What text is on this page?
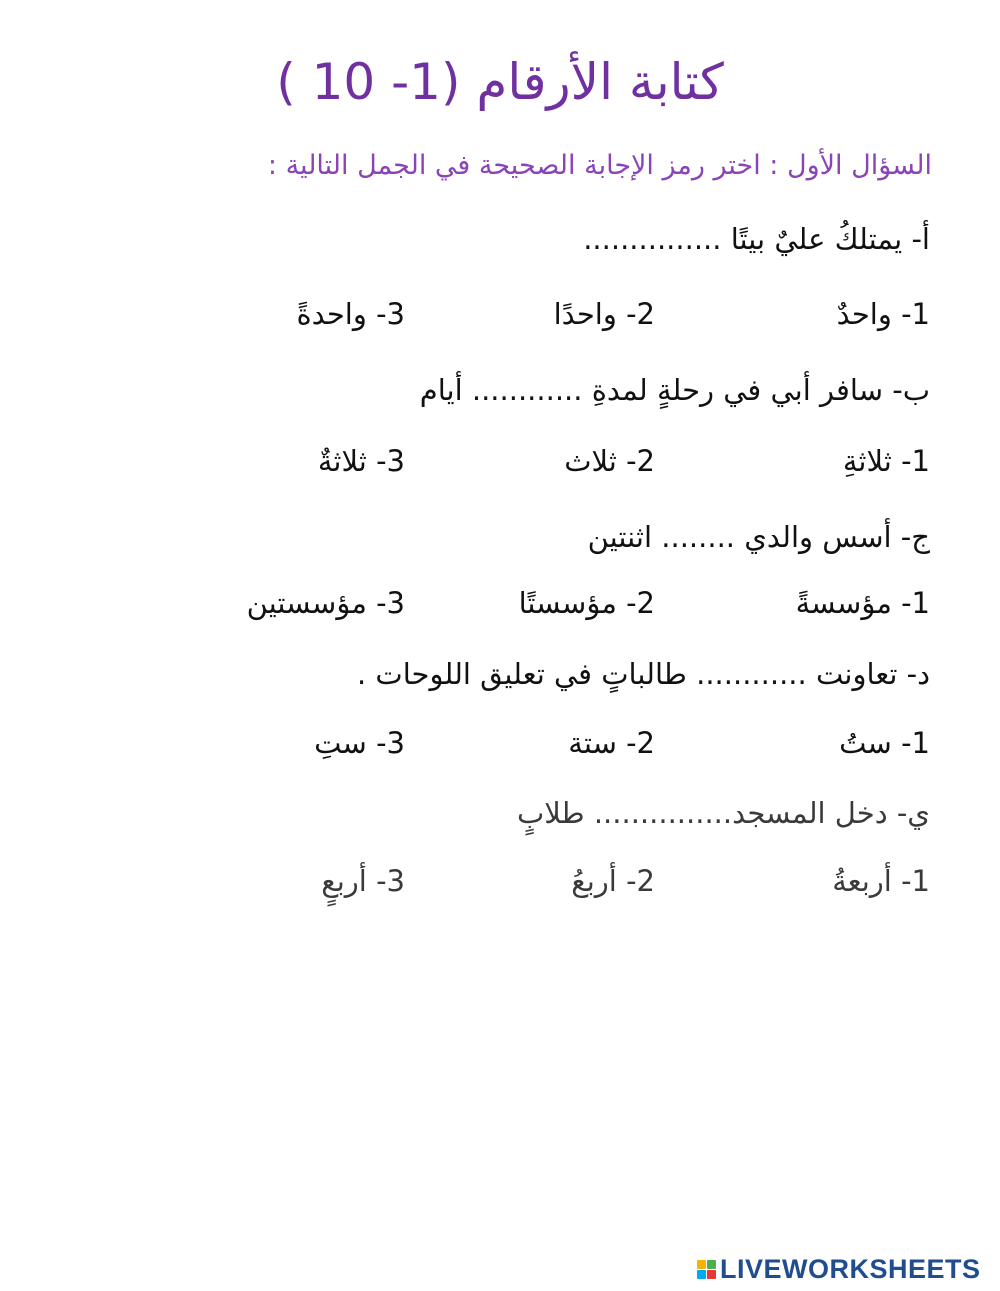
كتابة الأرقام (1- 10 )
السؤال الأول : اختر رمز الإجابة الصحيحة في الجمل التالية :
أ- يمتلكُ عليٌ بيتًا ...............
1- واحدٌ
2- واحدًا
3- واحدةً
ب- سافر أبي في رحلةٍ لمدةِ ............ أيام
1- ثلاثةِ
2- ثلاث
3- ثلاثةٌ
ج- أسس والدي ........ اثنتين
1- مؤسسةً
2- مؤسستًا
3- مؤسستين
د- تعاونت ............ طالباتٍ في تعليق اللوحات .
1- ستُ
2- ستة
3- ستِ
ي- دخل المسجد............... طلابٍ
1- أربعةُ
2- أربعُ
3- أربعٍ
LIVEWORKSHEETS
